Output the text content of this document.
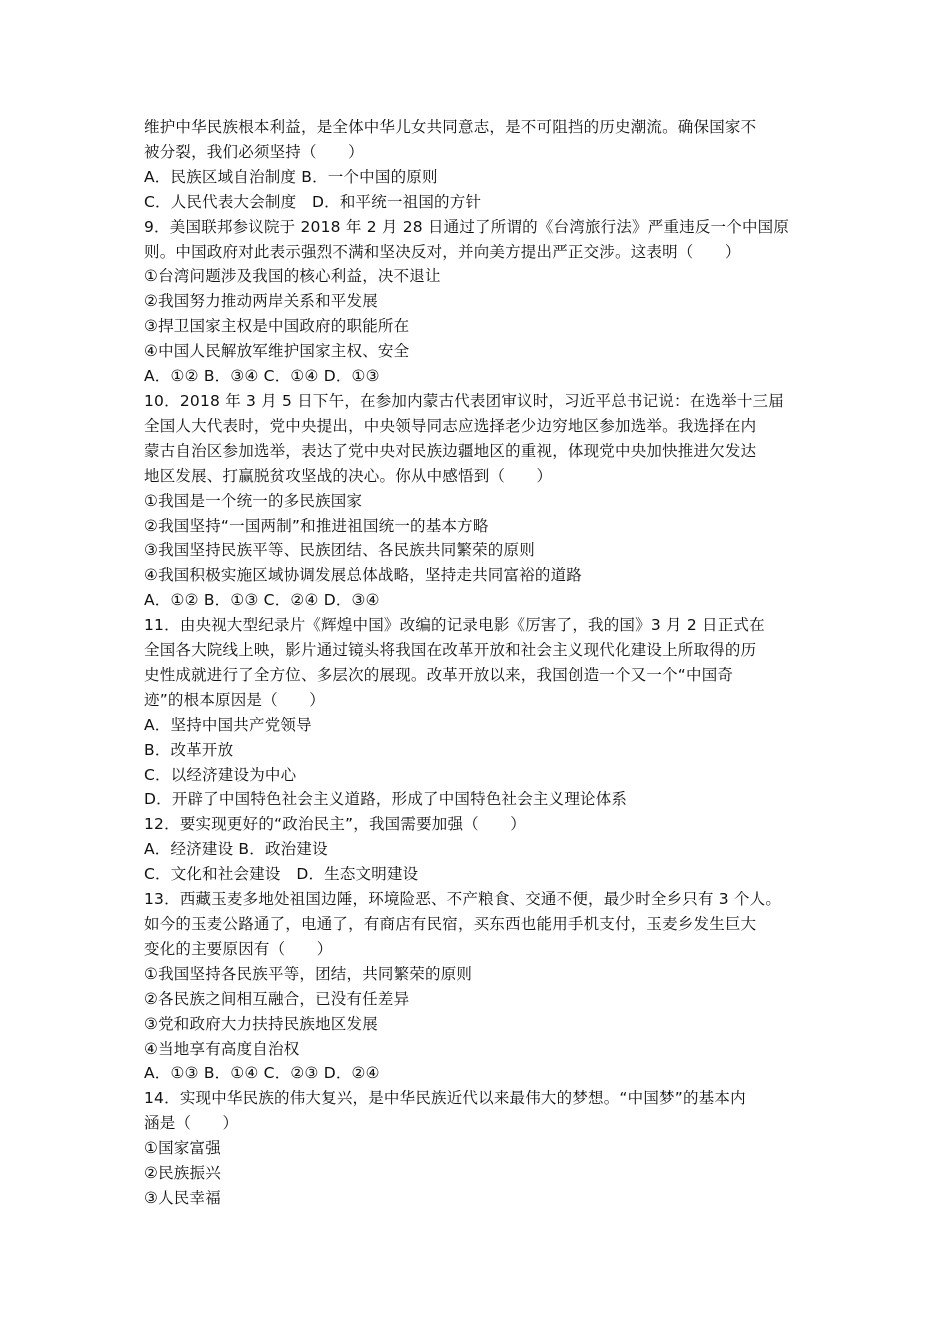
维护中华民族根本利益，是全体中华儿女共同意志，是不可阻挡的历史潮流。确保国家不
被分裂，我们必须坚持（　　）
A．民族区域自治制度 B．一个中国的原则
C．人民代表大会制度　D．和平统一祖国的方针
9．美国联邦参议院于 2018 年 2 月 28 日通过了所谓的《台湾旅行法》严重违反一个中国原
则。中国政府对此表示强烈不满和坚决反对，并向美方提出严正交涉。这表明（　　）
①台湾问题涉及我国的核心利益，决不退让
②我国努力推动两岸关系和平发展
③捍卫国家主权是中国政府的职能所在
④中国人民解放军维护国家主权、安全
A．①② B．③④ C．①④ D．①③
10．2018 年 3 月 5 日下午，在参加内蒙古代表团审议时，习近平总书记说：在选举十三届
全国人大代表时，党中央提出，中央领导同志应选择老少边穷地区参加选举。我选择在内
蒙古自治区参加选举，表达了党中央对民族边疆地区的重视，体现党中央加快推进欠发达
地区发展、打赢脱贫攻坚战的决心。你从中感悟到（　　）
①我国是一个统一的多民族国家
②我国坚持“一国两制”和推进祖国统一的基本方略
③我国坚持民族平等、民族团结、各民族共同繁荣的原则
④我国积极实施区域协调发展总体战略，坚持走共同富裕的道路
A．①② B．①③ C．②④ D．③④
11．由央视大型纪录片《辉煌中国》改编的记录电影《厉害了，我的国》3 月 2 日正式在
全国各大院线上映，影片通过镜头将我国在改革开放和社会主义现代化建设上所取得的历
史性成就进行了全方位、多层次的展现。改革开放以来，我国创造一个又一个“中国奇
迹”的根本原因是（　　）
A．坚持中国共产党领导
B．改革开放
C．以经济建设为中心
D．开辟了中国特色社会主义道路，形成了中国特色社会主义理论体系
12．要实现更好的“政治民主”，我国需要加强（　　）
A．经济建设 B．政治建设
C．文化和社会建设　D．生态文明建设
13．西藏玉麦多地处祖国边陲，环境险恶、不产粮食、交通不便，最少时全乡只有 3 个人。
如今的玉麦公路通了，电通了，有商店有民宿，买东西也能用手机支付，玉麦乡发生巨大
变化的主要原因有（　　）
①我国坚持各民族平等，团结，共同繁荣的原则
②各民族之间相互融合，已没有任差异
③党和政府大力扶持民族地区发展
④当地享有高度自治权
A．①③ B．①④ C．②③ D．②④
14．实现中华民族的伟大复兴，是中华民族近代以来最伟大的梦想。“中国梦”的基本内
涵是（　　）
①国家富强
②民族振兴
③人民幸福
